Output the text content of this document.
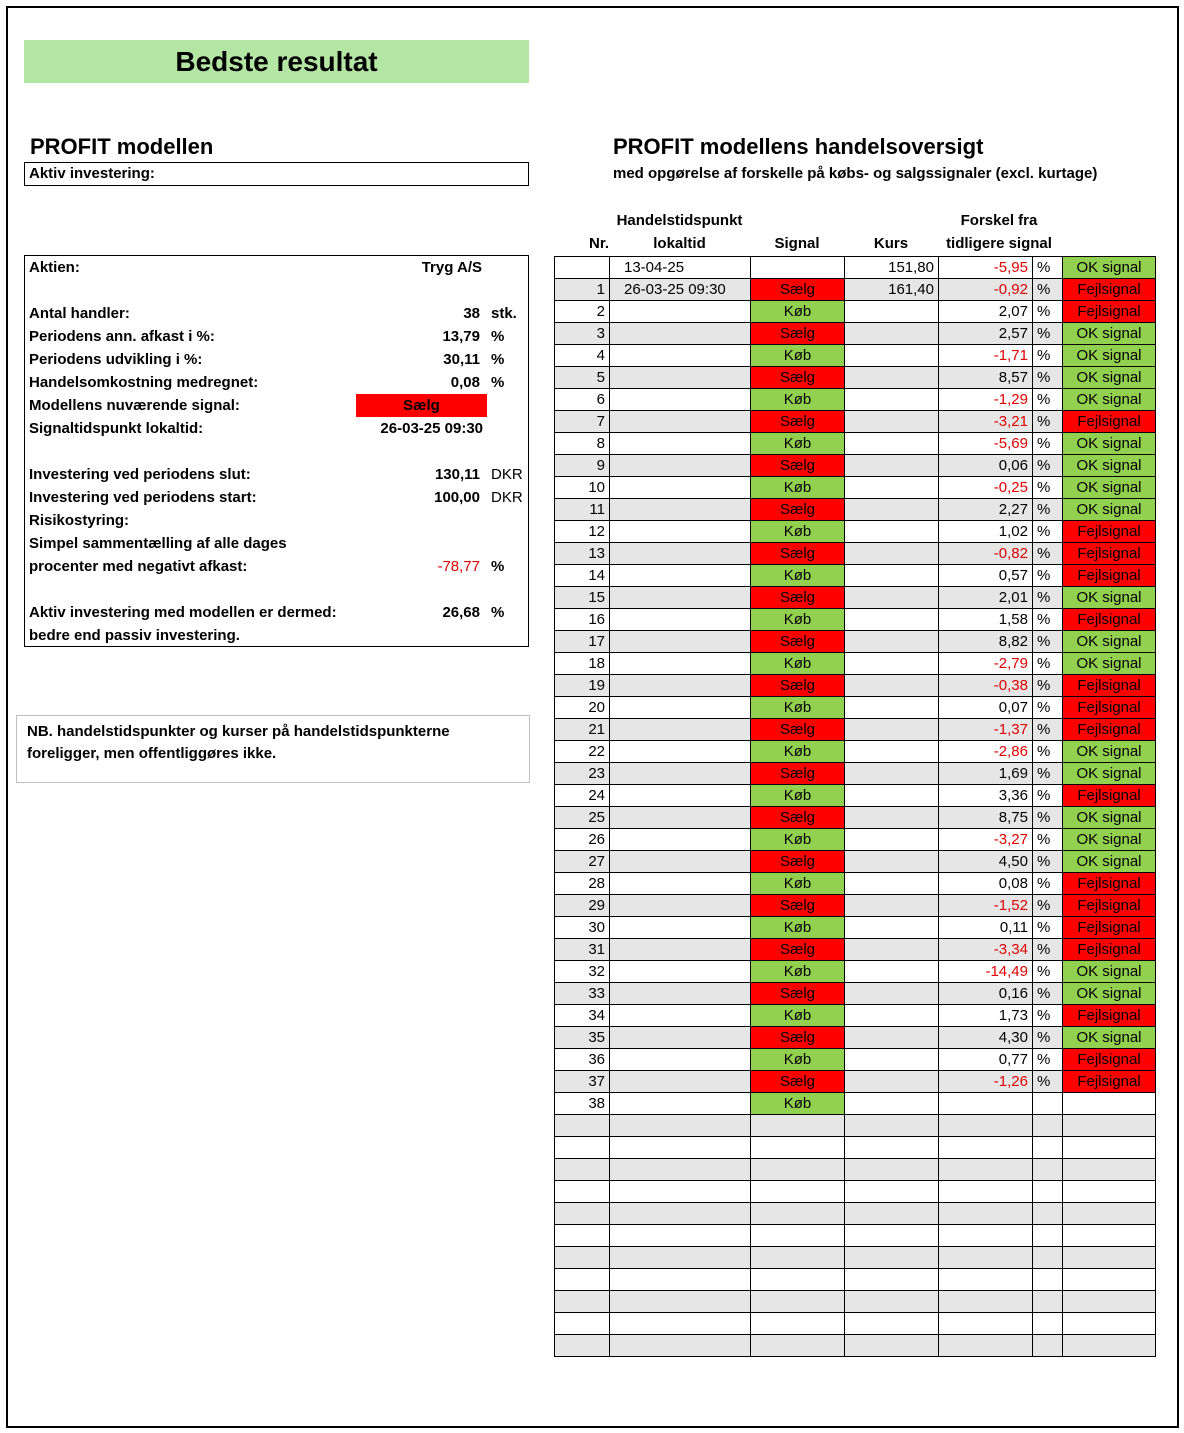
Bedste resultat
PROFIT modellen
Aktiv investering:
Aktien:	Tryg A/S
Antal handler:	38 stk.
Periodens ann. afkast i %:	13,79 %
Periodens udvikling i %:	30,11 %
Handelsomkostning medregnet:	0,08 %
Modellens nuværende signal:	Sælg
Signaltidspunkt lokaltid:	26-03-25 09:30
Investering ved periodens slut:	130,11 DKR
Investering ved periodens start:	100,00 DKR
Risikostyring:
Simpel sammentælling af alle dages
procenter med negativt afkast:	-78,77 %
Aktiv investering med modellen er dermed:	26,68 %
bedre end passiv investering.
NB. handelstidspunkter og kurser på handelstidspunkterne foreligger, men offentliggøres ikke.
PROFIT modellens handelsoversigt
med opgørelse af forskelle på købs- og salgssignaler (excl. kurtage)
Nr.
Handelstidspunkt
lokaltid	Signal	Kurs
Forskel fra
tidligere signal
	13-04-25		151,80	-5,95	%	OK signal
1	26-03-25 09:30	Sælg	161,40	-0,92	%	Fejlsignal
2		Køb		2,07	%	Fejlsignal
3		Sælg		2,57	%	OK signal
4		Køb		-1,71	%	OK signal
5		Sælg		8,57	%	OK signal
6		Køb		-1,29	%	OK signal
7		Sælg		-3,21	%	Fejlsignal
8		Køb		-5,69	%	OK signal
9		Sælg		0,06	%	OK signal
10		Køb		-0,25	%	OK signal
11		Sælg		2,27	%	OK signal
12		Køb		1,02	%	Fejlsignal
13		Sælg		-0,82	%	Fejlsignal
14		Køb		0,57	%	Fejlsignal
15		Sælg		2,01	%	OK signal
16		Køb		1,58	%	Fejlsignal
17		Sælg		8,82	%	OK signal
18		Køb		-2,79	%	OK signal
19		Sælg		-0,38	%	Fejlsignal
20		Køb		0,07	%	Fejlsignal
21		Sælg		-1,37	%	Fejlsignal
22		Køb		-2,86	%	OK signal
23		Sælg		1,69	%	OK signal
24		Køb		3,36	%	Fejlsignal
25		Sælg		8,75	%	OK signal
26		Køb		-3,27	%	OK signal
27		Sælg		4,50	%	OK signal
28		Køb		0,08	%	Fejlsignal
29		Sælg		-1,52	%	Fejlsignal
30		Køb		0,11	%	Fejlsignal
31		Sælg		-3,34	%	Fejlsignal
32		Køb		-14,49	%	OK signal
33		Sælg		0,16	%	OK signal
34		Køb		1,73	%	Fejlsignal
35		Sælg		4,30	%	OK signal
36		Køb		0,77	%	Fejlsignal
37		Sælg		-1,26	%	Fejlsignal
38		Køb				
